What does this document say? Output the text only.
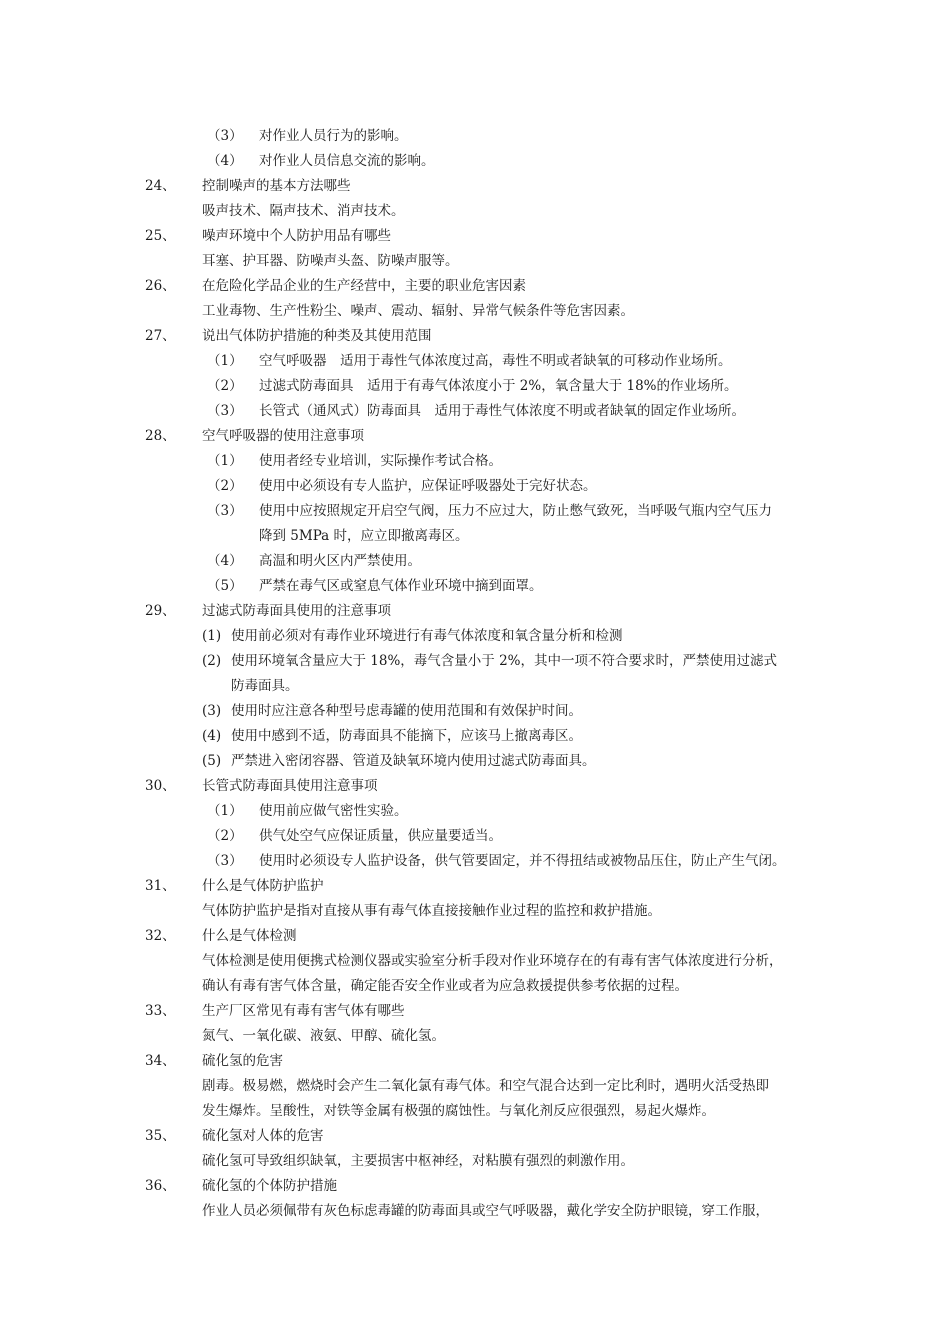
（3） 对作业人员行为的影响。
（4） 对作业人员信息交流的影响。
24、 控制噪声的基本方法哪些
吸声技术、隔声技术、消声技术。
25、 噪声环境中个人防护用品有哪些
耳塞、护耳器、防噪声头盔、防噪声服等。
26、 在危险化学品企业的生产经营中，主要的职业危害因素
工业毒物、生产性粉尘、噪声、震动、辐射、异常气候条件等危害因素。
27、 说出气体防护措施的种类及其使用范围
（1） 空气呼吸器　适用于毒性气体浓度过高，毒性不明或者缺氧的可移动作业场所。
（2） 过滤式防毒面具　适用于有毒气体浓度小于 2%，氧含量大于 18%的作业场所。
（3） 长管式（通风式）防毒面具　适用于毒性气体浓度不明或者缺氧的固定作业场所。
28、 空气呼吸器的使用注意事项
（1） 使用者经专业培训，实际操作考试合格。
（2） 使用中必须设有专人监护，应保证呼吸器处于完好状态。
（3） 使用中应按照规定开启空气阀，压力不应过大，防止憋气致死，当呼吸气瓶内空气压力
降到 5MPa 时，应立即撤离毒区。
（4） 高温和明火区内严禁使用。
（5） 严禁在毒气区或窒息气体作业环境中摘到面罩。
29、 过滤式防毒面具使用的注意事项
(1) 使用前必须对有毒作业环境进行有毒气体浓度和氧含量分析和检测
(2) 使用环境氧含量应大于 18%，毒气含量小于 2%，其中一项不符合要求时，严禁使用过滤式
防毒面具。
(3) 使用时应注意各种型号虑毒罐的使用范围和有效保护时间。
(4) 使用中感到不适，防毒面具不能摘下，应该马上撤离毒区。
(5) 严禁进入密闭容器、管道及缺氧环境内使用过滤式防毒面具。
30、 长管式防毒面具使用注意事项
（1） 使用前应做气密性实验。
（2） 供气处空气应保证质量，供应量要适当。
（3） 使用时必须设专人监护设备，供气管要固定，并不得扭结或被物品压住，防止产生气闭。
31、 什么是气体防护监护
气体防护监护是指对直接从事有毒气体直接接触作业过程的监控和救护措施。
32、 什么是气体检测
气体检测是使用便携式检测仪器或实验室分析手段对作业环境存在的有毒有害气体浓度进行分析，
确认有毒有害气体含量，确定能否安全作业或者为应急救援提供参考依据的过程。
33、 生产厂区常见有毒有害气体有哪些
氮气、一氧化碳、液氨、甲醇、硫化氢。
34、 硫化氢的危害
剧毒。极易燃，燃烧时会产生二氧化氯有毒气体。和空气混合达到一定比利时，遇明火活受热即
发生爆炸。呈酸性，对铁等金属有极强的腐蚀性。与氧化剂反应很强烈，易起火爆炸。
35、 硫化氢对人体的危害
硫化氢可导致组织缺氧，主要损害中枢神经，对粘膜有强烈的刺激作用。
36、 硫化氢的个体防护措施
作业人员必须佩带有灰色标虑毒罐的防毒面具或空气呼吸器，戴化学安全防护眼镜，穿工作服，
